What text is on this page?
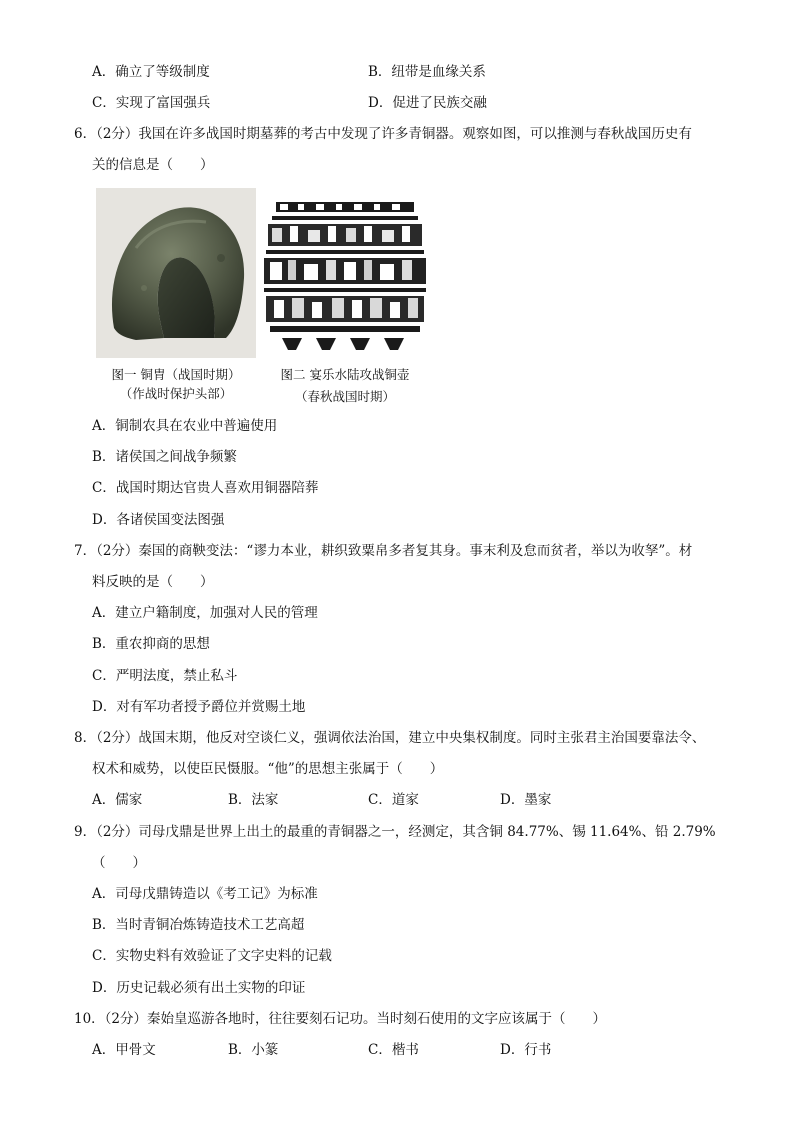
A．确立了等级制度	B．纽带是血缘关系
C．实现了富国强兵	D．促进了民族交融
6．（2分）我国在许多战国时期墓葬的考古中发现了许多青铜器。观察如图，可以推测与春秋战国历史有
关的信息是（　　）
图一 铜胄（战国时期）
（作战时保护头部）
图二 宴乐水陆攻战铜壶
（春秋战国时期）
A．铜制农具在农业中普遍使用
B．诸侯国之间战争频繁
C．战国时期达官贵人喜欢用铜器陪葬
D．各诸侯国变法图强
7．（2分）秦国的商鞅变法：“谬力本业，耕织致粟帛多者复其身。事末利及怠而贫者，举以为收孥”。材
料反映的是（　　）
A．建立户籍制度，加强对人民的管理
B．重农抑商的思想
C．严明法度，禁止私斗
D．对有军功者授予爵位并赏赐土地
8．（2分）战国末期，他反对空谈仁义，强调依法治国，建立中央集权制度。同时主张君主治国要靠法令、
权术和威势，以使臣民慑服。“他”的思想主张属于（　　）
A．儒家	B．法家	C．道家	D．墨家
9．（2分）司母戊鼎是世界上出土的最重的青铜器之一，经测定，其含铜 84.77%、锡 11.64%、铅 2.79%
（　　）
A．司母戊鼎铸造以《考工记》为标准
B．当时青铜冶炼铸造技术工艺高超
C．实物史料有效验证了文字史料的记载
D．历史记载必须有出土实物的印证
10．（2分）秦始皇巡游各地时，往往要刻石记功。当时刻石使用的文字应该属于（　　）
A．甲骨文	B．小篆	C．楷书	D．行书
